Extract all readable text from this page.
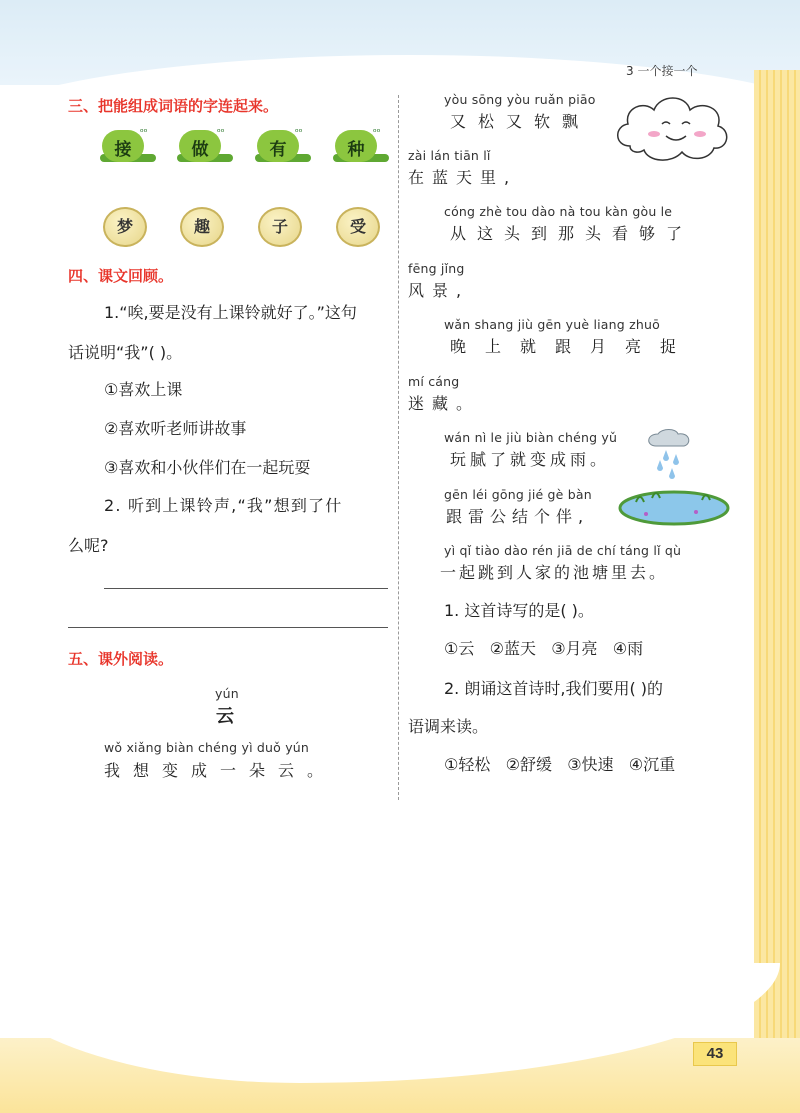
3 一个接一个
43
三、把能组成词语的字连起来。
ᵒᵒ
接
ᵒᵒ
做
ᵒᵒ
有
ᵒᵒ
种
梦	趣	子	受
四、课文回顾。
1.“唉,要是没有上课铃就好了。”这句
话说明“我”( )。
①喜欢上课
②喜欢听老师讲故事
③喜欢和小伙伴们在一起玩耍
2. 听到上课铃声,“我”想到了什
么呢?
五、课外阅读。
yún
云
wǒ xiǎng biàn chéng yì duǒ yún
我想变成一朵云。
yòu sōng yòu ruǎn piāo
又松又软飘
zài lán tiān lǐ
在蓝天里,
cóng zhè tou dào nà tou kàn gòu le
从这头到那头看够了
fēng jǐng
风景,
wǎn shang jiù gēn yuè liang zhuō
晚上就跟月亮捉
mí cáng
迷藏。
wán nì le jiù biàn chéng yǔ
玩腻了就变成雨。
gēn léi gōng jié gè bàn
跟雷公结个伴,
yì qǐ tiào dào rén jiā de chí táng lǐ qù
一起跳到人家的池塘里去。
1. 这首诗写的是( )。
①云   ②蓝天   ③月亮   ④雨
2. 朗诵这首诗时,我们要用( )的
语调来读。
①轻松   ②舒缓   ③快速   ④沉重
